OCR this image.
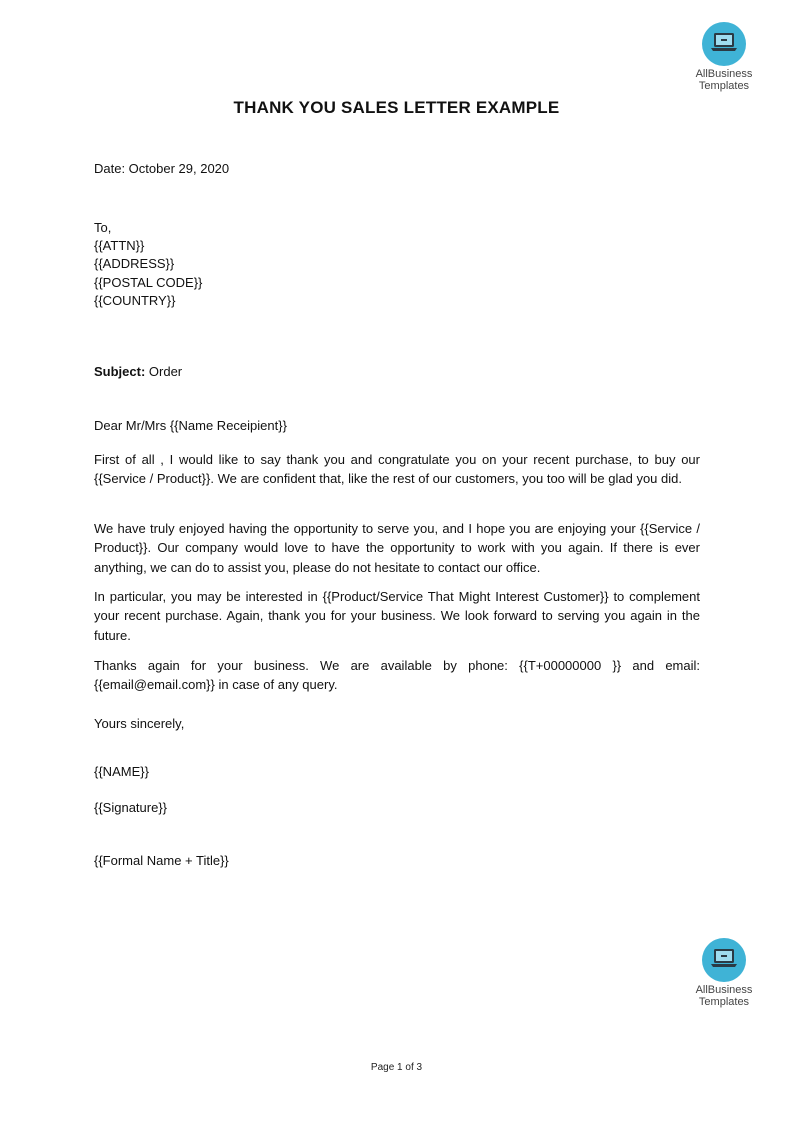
AllBusiness
Templates
THANK YOU SALES LETTER EXAMPLE
Date: October 29, 2020
To,
{{ATTN}}
{{ADDRESS}}
{{POSTAL CODE}}
{{COUNTRY}}
Subject: Order
Dear Mr/Mrs {{Name Receipient}}
First of all , I would like to say thank you and congratulate you on your recent purchase, to buy our {{Service / Product}}. We are confident that, like the rest of our customers, you too will be glad you did.
We have truly enjoyed having the opportunity to serve you, and I hope you are enjoying your {{Service / Product}}. Our company would love to have the opportunity to work with you again. If there is ever anything, we can do to assist you, please do not hesitate to contact our office.
In particular, you may be interested in {{Product/Service That Might Interest Customer}} to complement your recent purchase. Again, thank you for your business. We look forward to serving you again in the future.
Thanks again for your business. We are available by phone: {{T+00000000 }} and email: {{email@email.com}} in case of any query.
Yours sincerely,
{{NAME}}
{{Signature}}
{{Formal Name + Title}}
AllBusiness
Templates
Page 1 of 3
